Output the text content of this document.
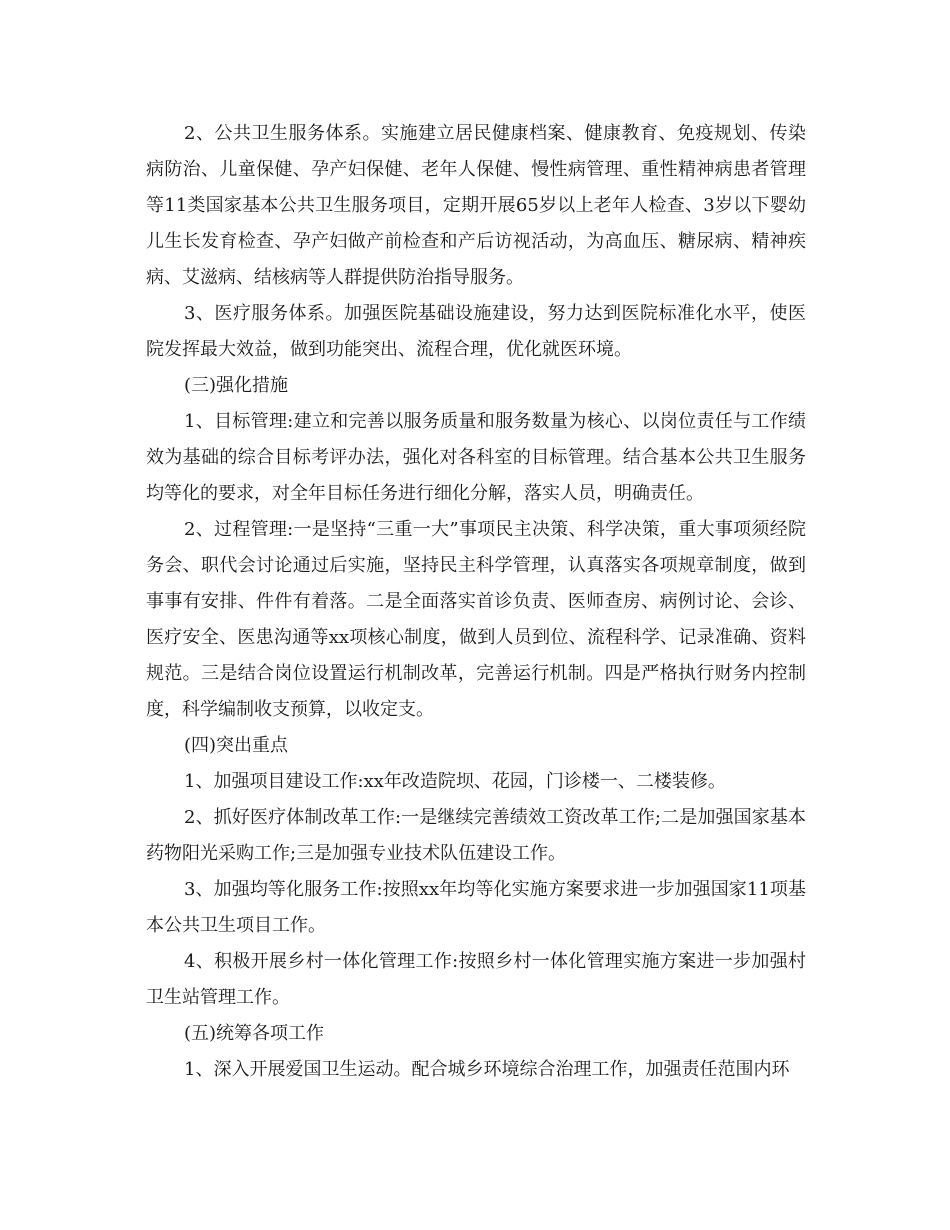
2、公共卫生服务体系。实施建立居民健康档案、健康教育、免疫规划、传染病防治、儿童保健、孕产妇保健、老年人保健、慢性病管理、重性精神病患者管理等11类国家基本公共卫生服务项目，定期开展65岁以上老年人检查、3岁以下婴幼儿生长发育检查、孕产妇做产前检查和产后访视活动，为高血压、糖尿病、精神疾病、艾滋病、结核病等人群提供防治指导服务。

3、医疗服务体系。加强医院基础设施建设，努力达到医院标准化水平，使医院发挥最大效益，做到功能突出、流程合理，优化就医环境。

(三)强化措施

1、目标管理:建立和完善以服务质量和服务数量为核心、以岗位责任与工作绩效为基础的综合目标考评办法，强化对各科室的目标管理。结合基本公共卫生服务均等化的要求，对全年目标任务进行细化分解，落实人员，明确责任。

2、过程管理:一是坚持“三重一大”事项民主决策、科学决策，重大事项须经院务会、职代会讨论通过后实施，坚持民主科学管理，认真落实各项规章制度，做到事事有安排、件件有着落。二是全面落实首诊负责、医师查房、病例讨论、会诊、医疗安全、医患沟通等xx项核心制度，做到人员到位、流程科学、记录准确、资料规范。三是结合岗位设置运行机制改革，完善运行机制。四是严格执行财务内控制度，科学编制收支预算，以收定支。

(四)突出重点

1、加强项目建设工作:xx年改造院坝、花园，门诊楼一、二楼装修。

2、抓好医疗体制改革工作:一是继续完善绩效工资改革工作;二是加强国家基本药物阳光采购工作;三是加强专业技术队伍建设工作。

3、加强均等化服务工作:按照xx年均等化实施方案要求进一步加强国家11项基本公共卫生项目工作。

4、积极开展乡村一体化管理工作:按照乡村一体化管理实施方案进一步加强村卫生站管理工作。

(五)统筹各项工作

1、深入开展爱国卫生运动。配合城乡环境综合治理工作，加强责任范围内环
